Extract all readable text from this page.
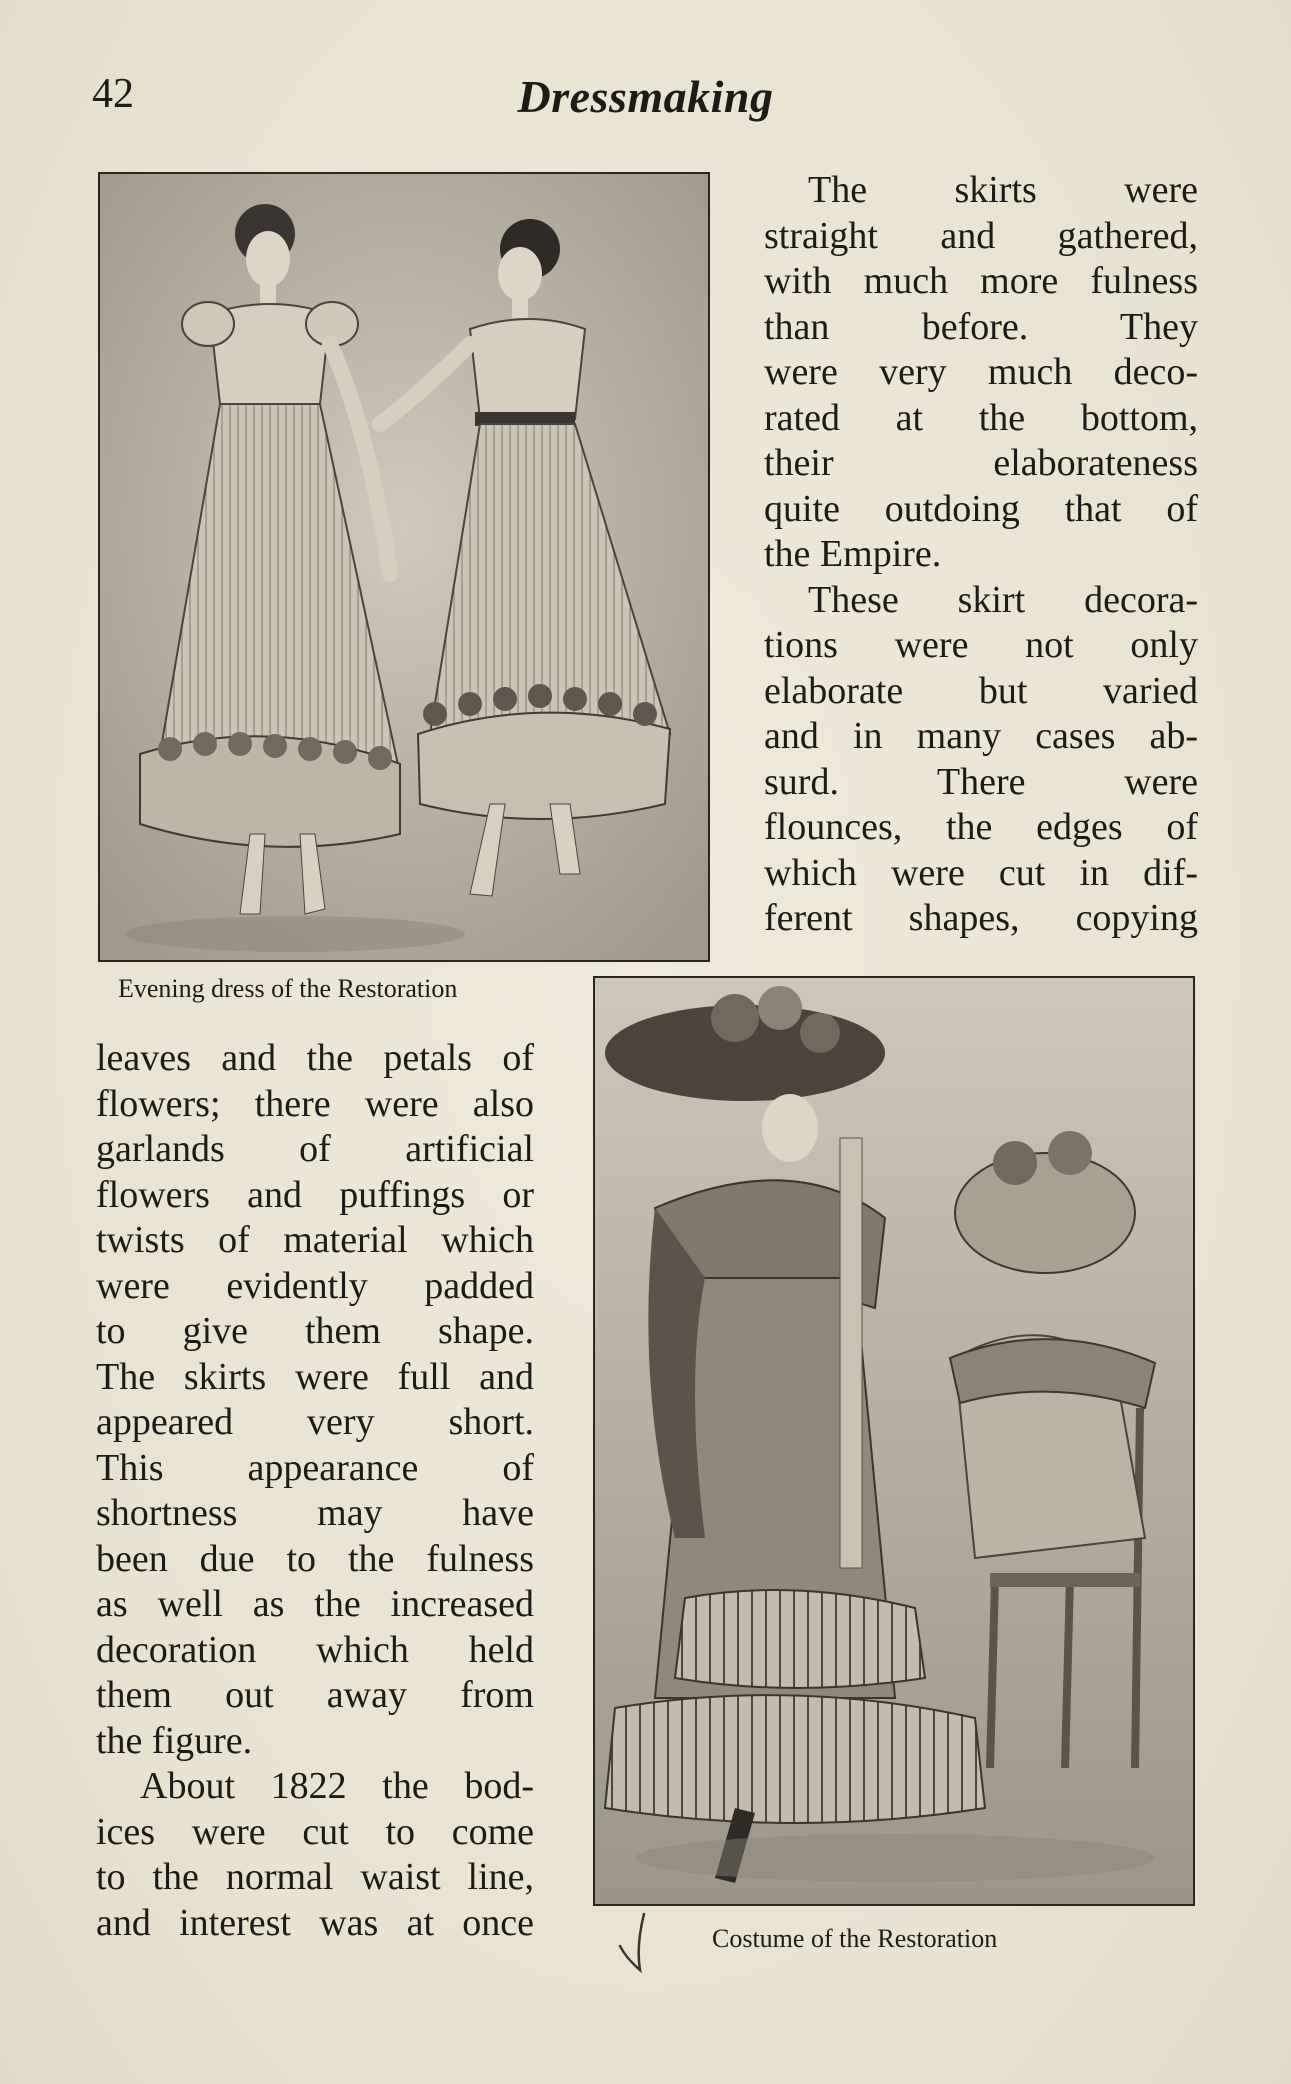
42	Dressmaking
Evening dress of the Restoration
The skirts were
straight and gathered,
with much more fulness
than before. They
were very much deco-
rated at the bottom,
their elaborateness
quite outdoing that of
the Empire.
These skirt decora-
tions were not only
elaborate but varied
and in many cases ab-
surd. There were
flounces, the edges of
which were cut in dif-
ferent shapes, copying
leaves and the petals of
flowers; there were also
garlands of artificial
flowers and puffings or
twists of material which
were evidently padded
to give them shape.
The skirts were full and
appeared very short.
This appearance of
shortness may have
been due to the fulness
as well as the increased
decoration which held
them out away from
the figure.
About 1822 the bod-
ices were cut to come
to the normal waist line,
and interest was at once	Costume of the Restoration
